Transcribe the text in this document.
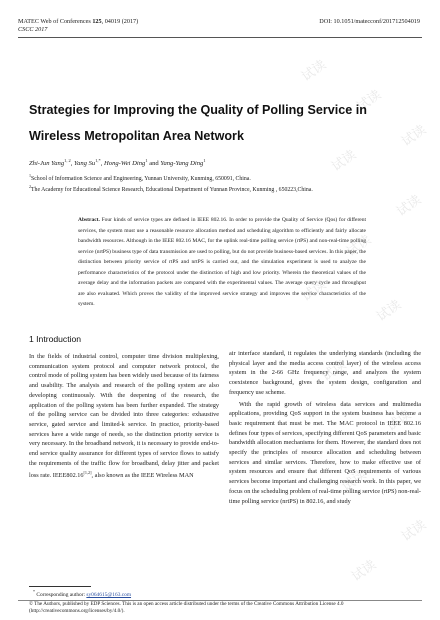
试读
试读
试读
试读
试读
试读
试读
试读
试读
试读
试读
试读
试读
MATEC Web of Conferences 125, 04019 (2017)
CSCC 2017
DOI: 10.1051/matecconf/201712504019
Strategies for Improving the Quality of Polling Service in Wireless Metropolitan Area Network
Zhi-Jun Yang$^{1, 2}$, Yang $Su^{1,*}$, Hong-Wei Ding$^1$ and Yang-Yang Ding$^1$
$^1$School of Information Science and Engineering, Yunnan University, Kunming, 650091, China.
$^2$The Academy for Educational Science Research, Educational Department of Yunnan Province, Kunming , 650223,China.
Abstract. Four kinds of service types are defined in IEEE 802.16. In order to provide the Quality of Service (Qos) for different services, the system must use a reasonable resource allocation method and scheduling algorithm to efficiently and fairly allocate bandwidth resources. Although in the IEEE 802.16 MAC, for the uplink real-time polling service (rtPS) and non-real-time polling service (nrtPS) business type of data transmission are used to polling, but do not provide business-based services. In this paper, the distinction between priority service of rtPS and nrtPS is carried out, and the simulation experiment is used to analyze the performance characteristics of the protocol under the distinction of high and low priority. Wherein the theoretical values of the average delay and the information packets are compared with the experimental values. The average query cycle and throughput are also evaluated. Which proves the validity of the improved service strategy and improves the service characteristics of the system.
1 Introduction

In the fields of industrial control, computer time division multiplexing, communication system protocol and computer network protocol, the control mode of polling system has been widely used because of its fairness and usability. The analysis and research of the polling system are also developing continuously. With the deepening of the research, the application of the polling system has been further expanded. The strategy of the polling service can be divided into three categories: exhaustive service, gated service and limited-k service. In practice, priority-based services have a wide range of needs, so the distinction priority service is very necessary. In the broadband network, it is necessary to provide end-to-end service quality assurance for different types of service flows to satisfy the requirements of the traffic flow for broadband, delay jitter and packet loss rate. IEEE802.16[1,2], also known as the IEEE Wireless MAN

air interface standard, it regulates the underlying standards (including the physical layer and the media access control layer) of the wireless access system in the 2-66 GHz frequency range, and analyzes the system coexistence background, gives the system design, configuration and frequency use scheme.

With the rapid growth of wireless data services and multimedia applications, providing QoS support in the system business has become a basic requirement that must be met. The MAC protocol in IEEE 802.16 defines four types of services, specifying different QoS parameters and basic bandwidth allocation mechanisms for them. However, the standard does not specify the principles of resource allocation and scheduling between services and similar services. Therefore, how to make effective use of system resources and ensure that different QoS requirements of various services become important and challenging research work. In this paper, we focus on the scheduling problem of real-time polling service (rtPS) non-real-time polling service (nrtPS) in 802.16, and study

* Corresponding author: sy064615@163.com
© The Authors, published by EDP Sciences. This is an open access article distributed under the terms of the Creative Commons Attribution License 4.0 (http://creativecommons.org/licenses/by/4.0/).
